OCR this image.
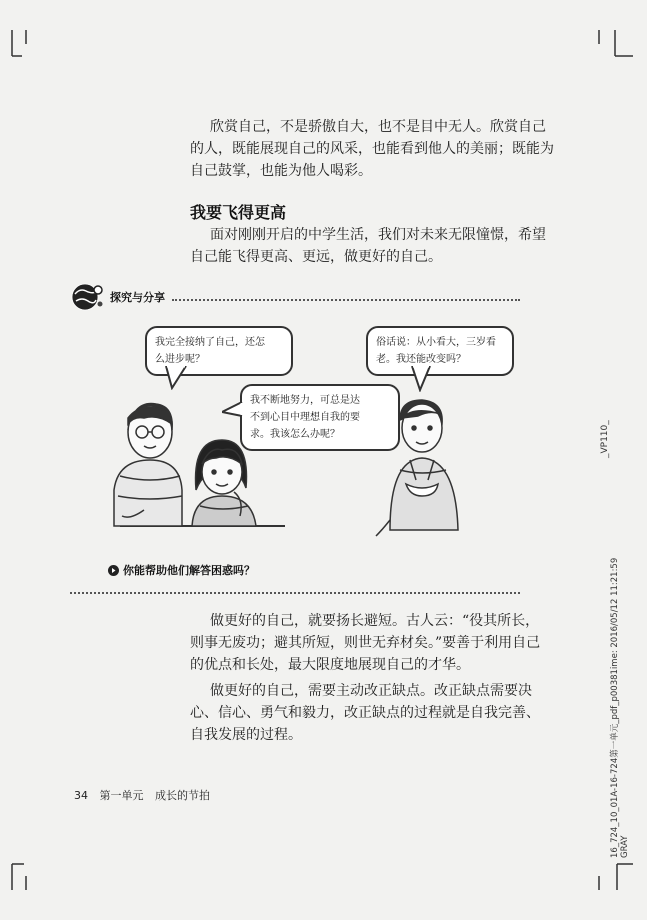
欣赏自己，不是骄傲自大，也不是目中无人。欣赏自己
的人，既能展现自己的风采，也能看到他人的美丽；既能为
自己鼓掌，也能为他人喝彩。
我要飞得更高
面对刚刚开启的中学生活，我们对未来无限憧憬，希望
自己能飞得更高、更远，做更好的自己。
探究与分享
我完全接纳了自己，还怎
么进步呢？
我不断地努力，可总是达
不到心目中理想自我的要
求。我该怎么办呢？
俗话说：从小看大，三岁看
老。我还能改变吗？
你能帮助他们解答困惑吗？
做更好的自己，就要扬长避短。古人云：“役其所长，
则事无废功；避其所短，则世无弃材矣。”要善于利用自己
的优点和长处，最大限度地展现自己的才华。
做更好的自己，需要主动改正缺点。改正缺点需要决
心、信心、勇气和毅力，改正缺点的过程就是自我完善、
自我发展的过程。
34 第一单元 成长的节拍
_VP110_
16_724_10_01A-16-724第一单元_pdf_p00381ime: 2016/05/12 11:21:59 GRAY
